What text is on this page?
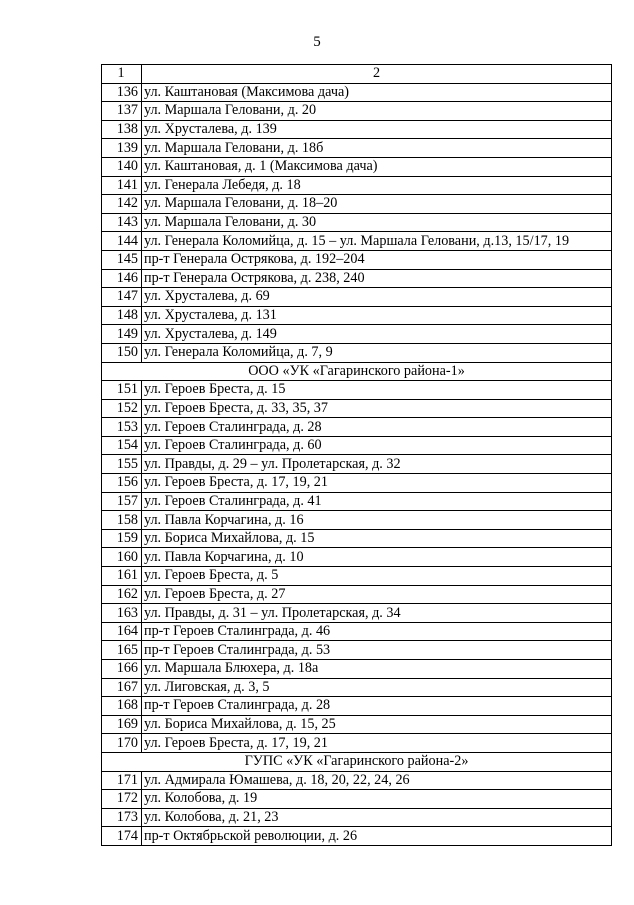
5
1	2
136	ул. Каштановая (Максимова дача)
137	ул. Маршала Геловани, д. 20
138	ул. Хрусталева, д. 139
139	ул. Маршала Геловани, д. 18б
140	ул. Каштановая, д. 1 (Максимова дача)
141	ул. Генерала Лебедя, д. 18
142	ул. Маршала Геловани, д. 18–20
143	ул. Маршала Геловани, д. 30
144	ул. Генерала Коломийца, д. 15 – ул. Маршала Геловани, д.13, 15/17, 19
145	пр-т Генерала Острякова, д. 192–204
146	пр-т Генерала Острякова, д. 238, 240
147	ул. Хрусталева, д. 69
148	ул. Хрусталева, д. 131
149	ул. Хрусталева, д. 149
150	ул. Генерала Коломийца, д. 7, 9
ООО «УК «Гагаринского района-1»	
151	ул. Героев Бреста, д. 15
152	ул. Героев Бреста, д. 33, 35, 37
153	ул. Героев Сталинграда, д. 28
154	ул. Героев Сталинграда, д. 60
155	ул. Правды, д. 29 – ул. Пролетарская, д. 32
156	ул. Героев Бреста, д. 17, 19, 21
157	ул. Героев Сталинграда, д. 41
158	ул. Павла Корчагина, д. 16
159	ул. Бориса Михайлова, д. 15
160	ул. Павла Корчагина, д. 10
161	ул. Героев Бреста, д. 5
162	ул. Героев Бреста, д. 27
163	ул. Правды, д. 31 – ул. Пролетарская, д. 34
164	пр-т Героев Сталинграда, д. 46
165	пр-т Героев Сталинграда, д. 53
166	ул. Маршала Блюхера, д. 18а
167	ул. Лиговская, д. 3, 5
168	пр-т Героев Сталинграда, д. 28
169	ул. Бориса Михайлова, д. 15, 25
170	ул. Героев Бреста, д. 17, 19, 21
ГУПС «УК «Гагаринского района-2»	
171	ул. Адмирала Юмашева, д. 18, 20, 22, 24, 26
172	ул. Колобова, д. 19
173	ул. Колобова, д. 21, 23
174	пр-т Октябрьской революции, д. 26
